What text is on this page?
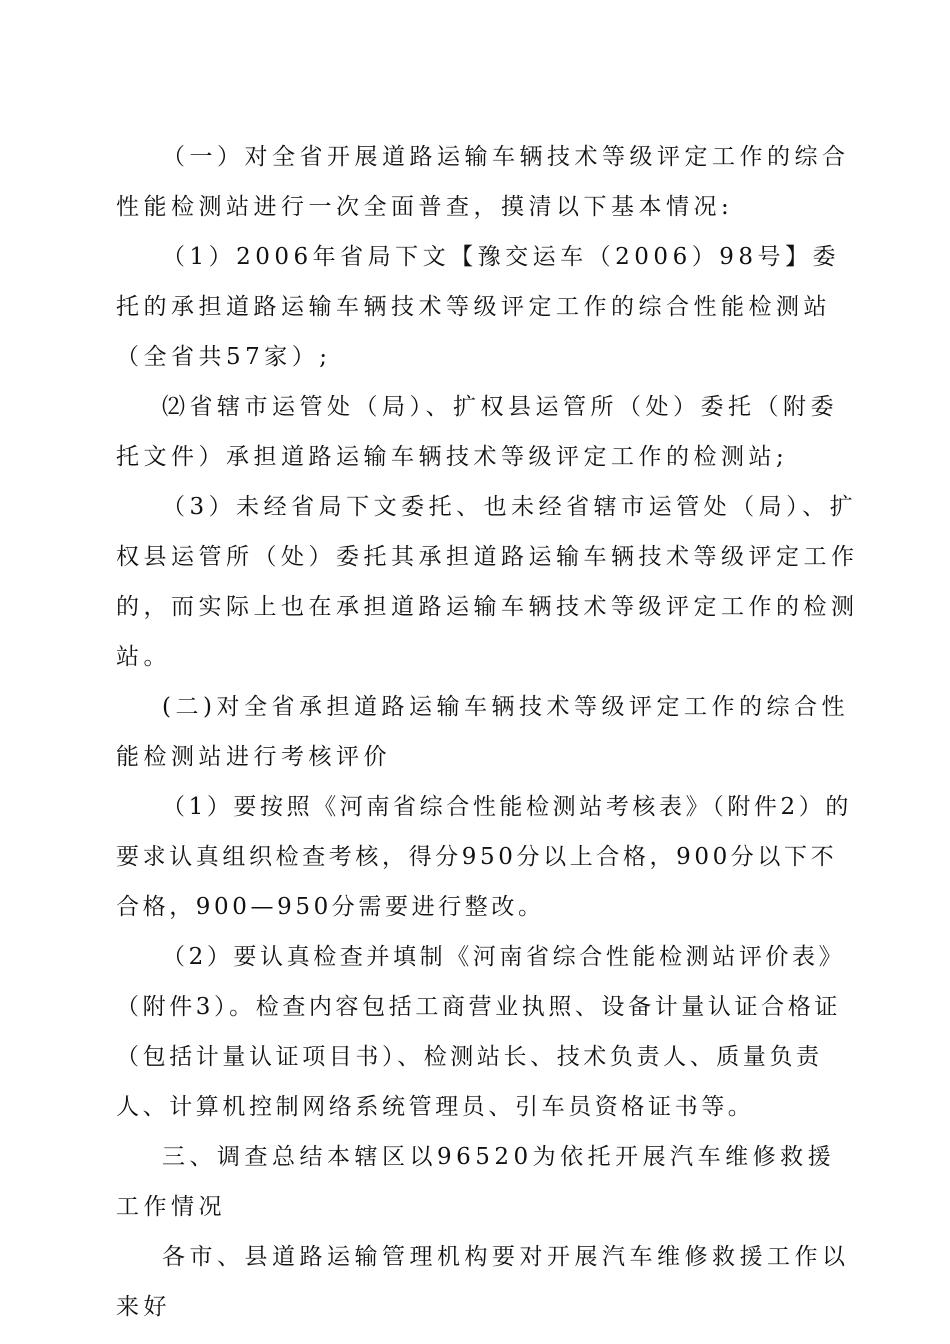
（一）对全省开展道路运输车辆技术等级评定工作的综合性能检测站进行一次全面普查，摸清以下基本情况:

（1）2006年省局下文【豫交运车（2006）98号】委托的承担道路运输车辆技术等级评定工作的综合性能检测站（全省共57家）;

⑵省辖市运管处（局）、扩权县运管所（处）委托（附委托文件）承担道路运输车辆技术等级评定工作的检测站;

（3）未经省局下文委托、也未经省辖市运管处（局）、扩权县运管所（处）委托其承担道路运输车辆技术等级评定工作的，而实际上也在承担道路运输车辆技术等级评定工作的检测站。

(二)对全省承担道路运输车辆技术等级评定工作的综合性能检测站进行考核评价

（1）要按照《河南省综合性能检测站考核表》（附件2）的要求认真组织检查考核，得分950分以上合格，900分以下不合格，900—950分需要进行整改。

（2）要认真检查并填制《河南省综合性能检测站评价表》（附件3）。检查内容包括工商营业执照、设备计量认证合格证（包括计量认证项目书）、检测站长、技术负责人、质量负责人、计算机控制网络系统管理员、引车员资格证书等。

三、调查总结本辖区以96520为依托开展汽车维修救援工作情况

各市、县道路运输管理机构要对开展汽车维修救援工作以来好
